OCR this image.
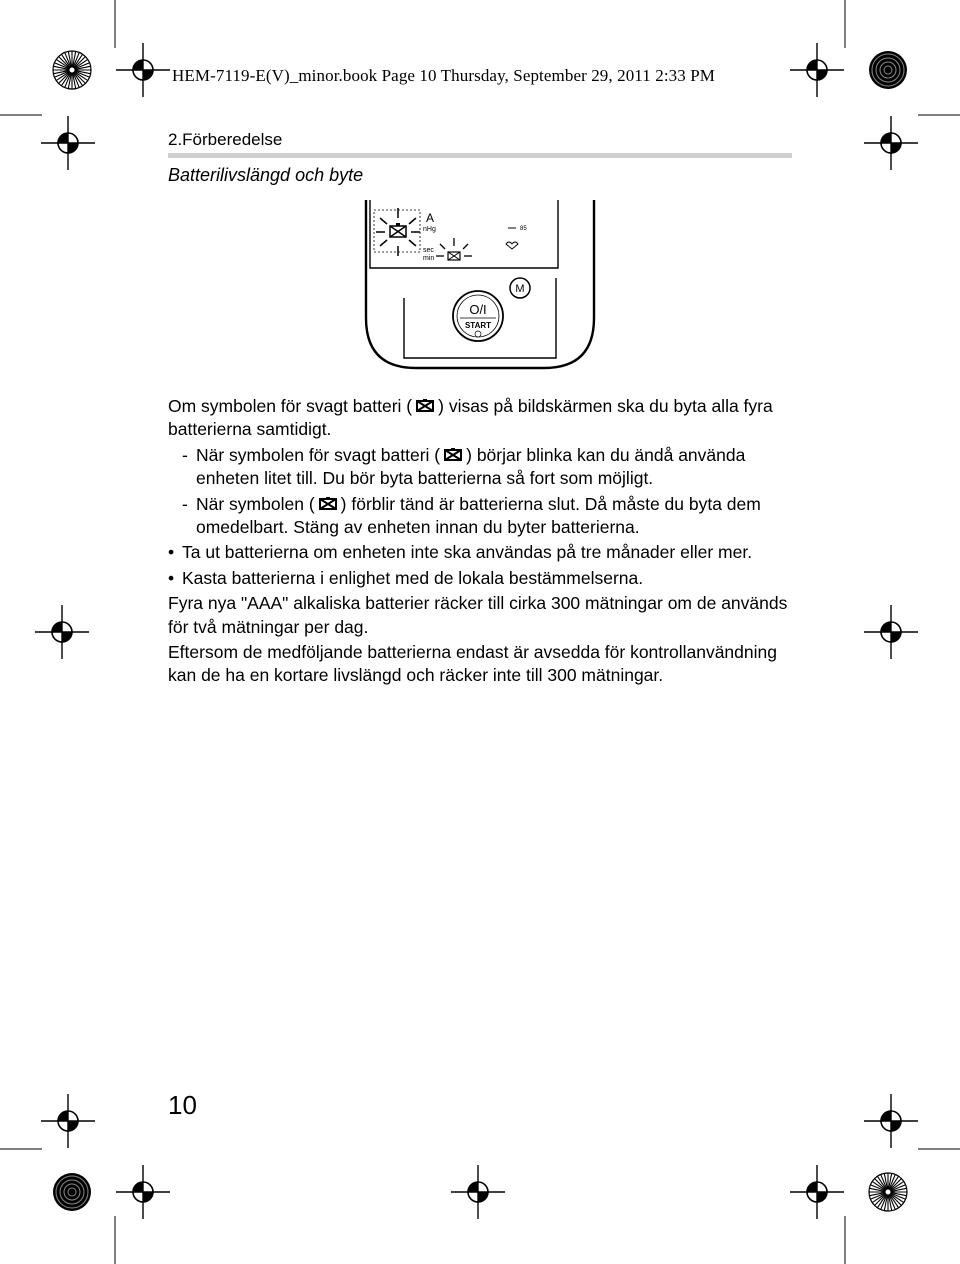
HEM-7119-E(V)_minor.book Page 10 Thursday, September 29, 2011 2:33 PM
2.Förberedelse
Batterilivslängd och byte
A
nHg
sec
min
85
M
O/I
START

Om symbolen för svagt batteri ( ) visas på bildskärmen ska du byta alla fyra batterierna samtidigt.

- När symbolen för svagt batteri ( ) börjar blinka kan du ändå använda enheten litet till. Du bör byta batterierna så fort som möjligt.

- När symbolen ( ) förblir tänd är batterierna slut. Då måste du byta dem omedelbart. Stäng av enheten innan du byter batterierna.

• Ta ut batterierna om enheten inte ska användas på tre månader eller mer.

• Kasta batterierna i enlighet med de lokala bestämmelserna.

Fyra nya "AAA" alkaliska batterier räcker till cirka 300 mätningar om de används för två mätningar per dag.

Eftersom de medföljande batterierna endast är avsedda för kontrollanvändning kan de ha en kortare livslängd och räcker inte till 300 mätningar.

10
